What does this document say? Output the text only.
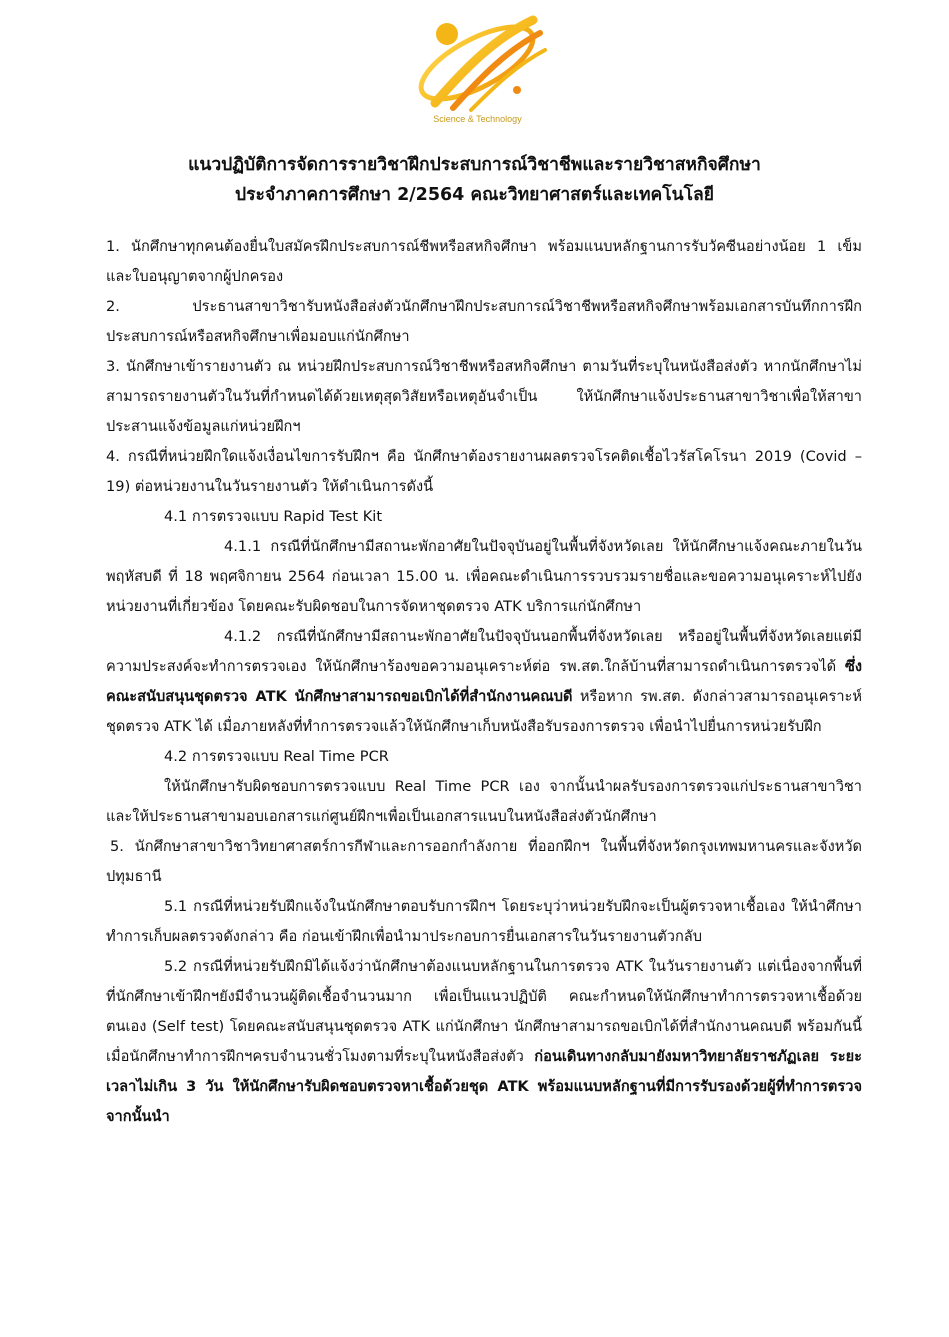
Science & Technology
แนวปฏิบัติการจัดการรายวิชาฝึกประสบการณ์วิชาชีพและรายวิชาสหกิจศึกษา
ประจำภาคการศึกษา 2/2564 คณะวิทยาศาสตร์และเทคโนโลยี

1. นักศึกษาทุกคนต้องยื่นใบสมัครฝึกประสบการณ์ชีพหรือสหกิจศึกษา พร้อมแนบหลักฐานการรับวัคซีนอย่างน้อย 1 เข็ม และใบอนุญาตจากผู้ปกครอง

2. ประธานสาขาวิชารับหนังสือส่งตัวนักศึกษาฝึกประสบการณ์วิชาชีพหรือสหกิจศึกษาพร้อมเอกสารบันทึกการฝึกประสบการณ์หรือสหกิจศึกษาเพื่อมอบแก่นักศึกษา

3. นักศึกษาเข้ารายงานตัว ณ หน่วยฝึกประสบการณ์วิชาชีพหรือสหกิจศึกษา ตามวันที่ระบุในหนังสือส่งตัว หากนักศึกษาไม่สามารถรายงานตัวในวันที่กำหนดได้ด้วยเหตุสุดวิสัยหรือเหตุอันจำเป็น ให้นักศึกษาแจ้งประธานสาขาวิชาเพื่อให้สาขาประสานแจ้งข้อมูลแก่หน่วยฝึกฯ

4. กรณีที่หน่วยฝึกใดแจ้งเงื่อนไขการรับฝึกฯ คือ นักศึกษาต้องรายงานผลตรวจโรคติดเชื้อไวรัสโคโรนา 2019 (Covid –19) ต่อหน่วยงานในวันรายงานตัว ให้ดำเนินการดังนี้

4.1 การตรวจแบบ Rapid Test Kit

4.1.1 กรณีที่นักศึกษามีสถานะพักอาศัยในปัจจุบันอยู่ในพื้นที่จังหวัดเลย ให้นักศึกษาแจ้งคณะภายในวันพฤหัสบดี ที่ 18 พฤศจิกายน 2564 ก่อนเวลา 15.00 น. เพื่อคณะดำเนินการรวบรวมรายชื่อและขอความอนุเคราะห์ไปยังหน่วยงานที่เกี่ยวข้อง โดยคณะรับผิดชอบในการจัดหาชุดตรวจ ATK บริการแก่นักศึกษา

4.1.2 กรณีที่นักศึกษามีสถานะพักอาศัยในปัจจุบันนอกพื้นที่จังหวัดเลย หรืออยู่ในพื้นที่จังหวัดเลยแต่มีความประสงค์จะทำการตรวจเอง ให้นักศึกษาร้องขอความอนุเคราะห์ต่อ รพ.สต.ใกล้บ้านที่สามารถดำเนินการตรวจได้ ซึ่งคณะสนับสนุนชุดตรวจ ATK นักศึกษาสามารถขอเบิกได้ที่สำนักงานคณบดี หรือหาก รพ.สต. ดังกล่าวสามารถอนุเคราะห์ชุดตรวจ ATK ได้ เมื่อภายหลังที่ทำการตรวจแล้วให้นักศึกษาเก็บหนังสือรับรองการตรวจ เพื่อนำไปยื่นการหน่วยรับฝึก

4.2 การตรวจแบบ Real Time PCR

ให้นักศึกษารับผิดชอบการตรวจแบบ Real Time PCR เอง จากนั้นนำผลรับรองการตรวจแก่ประธานสาขาวิชา และให้ประธานสาขามอบเอกสารแก่ศูนย์ฝึกฯเพื่อเป็นเอกสารแนบในหนังสือส่งตัวนักศึกษา

5. นักศึกษาสาขาวิชาวิทยาศาสตร์การกีฬาและการออกกำลังกาย ที่ออกฝึกฯ ในพื้นที่จังหวัดกรุงเทพมหานครและจังหวัดปทุมธานี

5.1 กรณีที่หน่วยรับฝึกแจ้งในนักศึกษาตอบรับการฝึกฯ โดยระบุว่าหน่วยรับฝึกจะเป็นผู้ตรวจหาเชื้อเอง ให้นำศึกษาทำการเก็บผลตรวจดังกล่าว คือ ก่อนเข้าฝึกเพื่อนำมาประกอบการยื่นเอกสารในวันรายงานตัวกลับ

5.2 กรณีที่หน่วยรับฝึกมิได้แจ้งว่านักศึกษาต้องแนบหลักฐานในการตรวจ ATK ในวันรายงานตัว แต่เนื่องจากพื้นที่ที่นักศึกษาเข้าฝึกฯยังมีจำนวนผู้ติดเชื้อจำนวนมาก เพื่อเป็นแนวปฏิบัติ คณะกำหนดให้นักศึกษาทำการตรวจหาเชื้อด้วยตนเอง (Self test) โดยคณะสนับสนุนชุดตรวจ ATK แก่นักศึกษา นักศึกษาสามารถขอเบิกได้ที่สำนักงานคณบดี พร้อมกันนี้เมื่อนักศึกษาทำการฝึกฯครบจำนวนชั่วโมงตามที่ระบุในหนังสือส่งตัว ก่อนเดินทางกลับมายังมหาวิทยาลัยราชภัฏเลย ระยะเวลาไม่เกิน 3 วัน ให้นักศึกษารับผิดชอบตรวจหาเชื้อด้วยชุด ATK พร้อมแนบหลักฐานที่มีการรับรองด้วยผู้ที่ทำการตรวจ จากนั้นนำ
